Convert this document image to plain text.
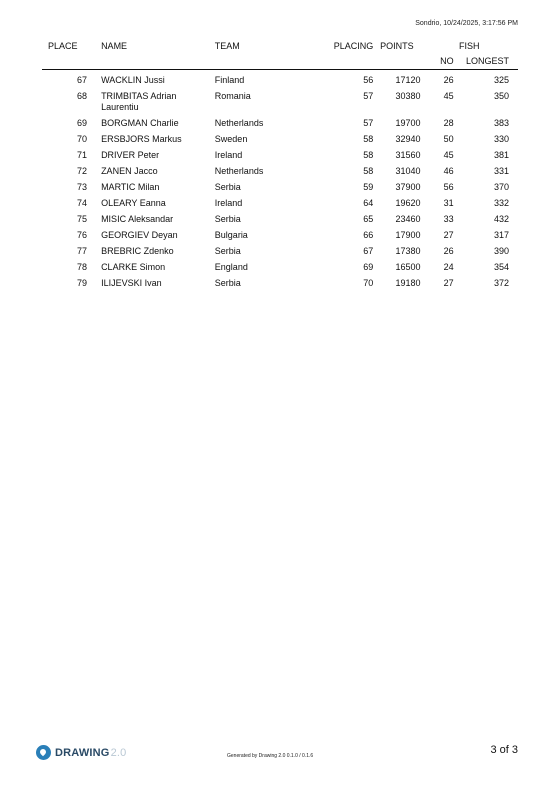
Sondrio, 10/24/2025, 3:17:56 PM
PLACE	NAME	TEAM	PLACING	POINTS	FISH	
					NO	LONGEST
67	WACKLIN Jussi	Finland	56	17120	26	325
68	TRIMBITAS Adrian Laurentiu	Romania	57	30380	45	350
69	BORGMAN Charlie	Netherlands	57	19700	28	383
70	ERSBJORS Markus	Sweden	58	32940	50	330
71	DRIVER Peter	Ireland	58	31560	45	381
72	ZANEN Jacco	Netherlands	58	31040	46	331
73	MARTIC Milan	Serbia	59	37900	56	370
74	OLEARY Eanna	Ireland	64	19620	31	332
75	MISIC Aleksandar	Serbia	65	23460	33	432
76	GEORGIEV Deyan	Bulgaria	66	17900	27	317
77	BREBRIC Zdenko	Serbia	67	17380	26	390
78	CLARKE Simon	England	69	16500	24	354
79	ILIJEVSKI Ivan	Serbia	70	19180	27	372
DRAWING2.0	Generated by Drawing 2.0 0.1.0 / 0.1.6	3 of 3
